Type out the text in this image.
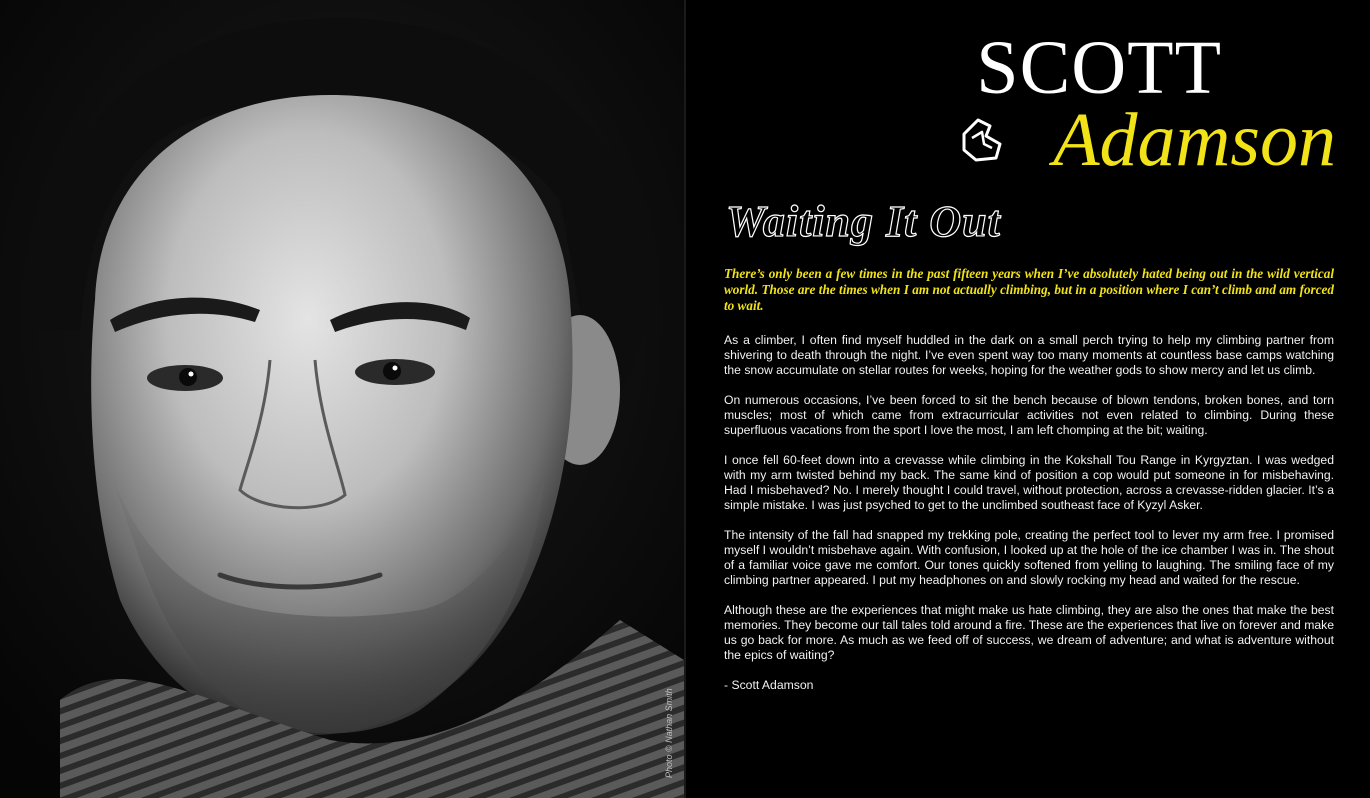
Photo © Nathan Smith
SCOTT
Adamson
Waiting It Out

There’s only been a few times in the past fifteen years when I’ve absolutely hated being out in the wild vertical world. Those are the times when I am not actually climbing, but in a position where I can’t climb and am forced to wait.

As a climber, I often find myself huddled in the dark on a small perch trying to help my climbing partner from shivering to death through the night. I’ve even spent way too many moments at countless base camps watching the snow accumulate on stellar routes for weeks, hoping for the weather gods to show mercy and let us climb.

On numerous occasions, I’ve been forced to sit the bench because of blown tendons, broken bones, and torn muscles; most of which came from extracurricular activities not even related to climbing. During these superfluous vacations from the sport I love the most, I am left chomping at the bit; waiting.

I once fell 60-feet down into a crevasse while climbing in the Kokshall Tou Range in Kyrgyztan. I was wedged with my arm twisted behind my back. The same kind of position a cop would put someone in for misbehaving. Had I misbehaved? No. I merely thought I could travel, without protection, across a crevasse-ridden glacier. It’s a simple mistake. I was just psyched to get to the unclimbed southeast face of Kyzyl Asker.

The intensity of the fall had snapped my trekking pole, creating the perfect tool to lever my arm free. I promised myself I wouldn’t misbehave again. With confusion, I looked up at the hole of the ice chamber I was in. The shout of a familiar voice gave me comfort. Our tones quickly softened from yelling to laughing. The smiling face of my climbing partner appeared. I put my headphones on and slowly rocking my head and waited for the rescue.

Although these are the experiences that might make us hate climbing, they are also the ones that make the best memories. They become our tall tales told around a fire. These are the experiences that live on forever and make us go back for more. As much as we feed off of success, we dream of adventure; and what is adventure without the epics of waiting?

- Scott Adamson
